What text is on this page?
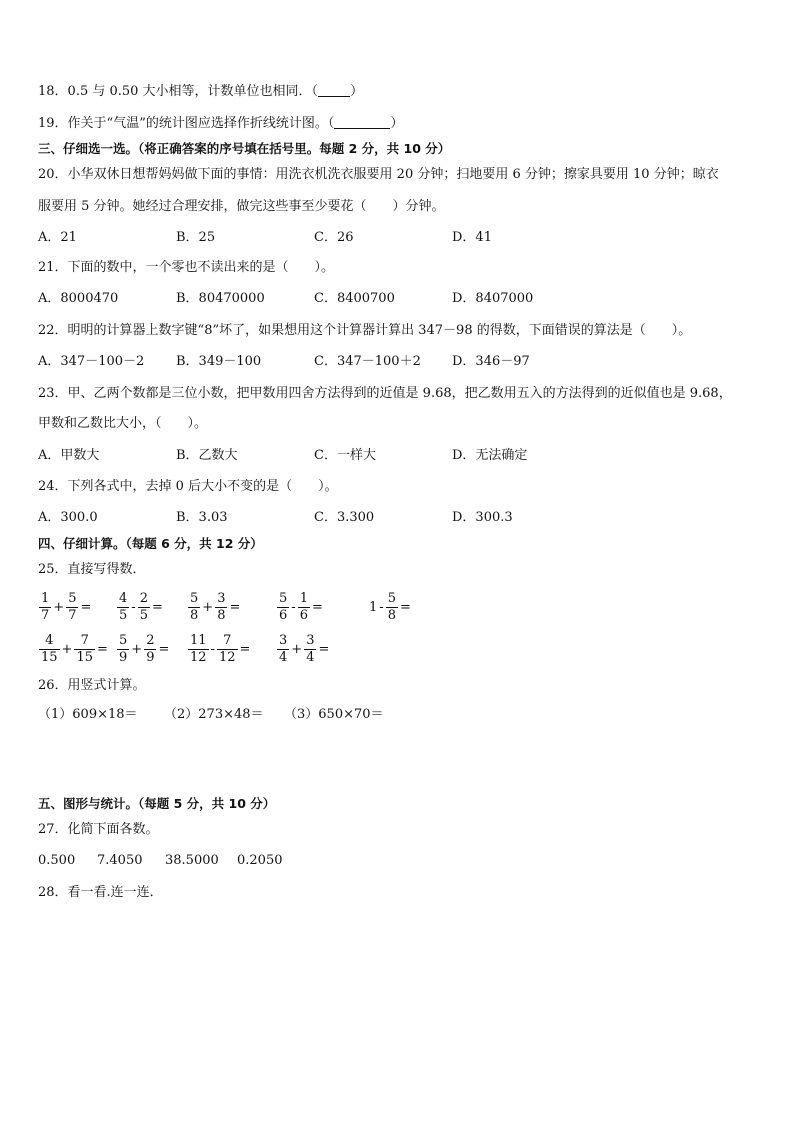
18．0.5 与 0.50 大小相等，计数单位也相同．（ ）
19．作关于“气温”的统计图应选择作折线统计图。（	）
三、仔细选一选。（将正确答案的序号填在括号里。每题 2 分，共 10 分）
20．小华双休日想帮妈妈做下面的事情：用洗衣机洗衣服要用 20 分钟；扫地要用 6 分钟；擦家具要用 10 分钟；晾衣
服要用 5 分钟。她经过合理安排，做完这些事至少要花（　　）分钟。
A．21	B．25	C．26	D．41
21．下面的数中，一个零也不读出来的是（　　）。
A．8000470	B．80470000	C．8400700	D．8407000
22．明明的计算器上数字键“8”坏了，如果想用这个计算器计算出 347－98 的得数，下面错误的算法是（　　）。
A．347－100－2 B．349－100	C．347－100＋2 D．346－97
23．甲、乙两个数都是三位小数，把甲数用四舍方法得到的近值是 9.68，把乙数用五入的方法得到的近似值也是 9.68，
甲数和乙数比大小，（　　）。
A．甲数大	B．乙数大	C．一样大	D．无法确定
24．下列各式中，去掉 0 后大小不变的是（　　）。
A．300.0	B．3.03	C．3.300	D．300.3
四、仔细计算。（每题 6 分，共 12 分）
25．直接写得数．
$\frac{1}{7} + \frac{5}{7} = \frac{4}{5} - \frac{2}{5} = \frac{5}{8} + \frac{3}{8}$ =	$\frac{5}{6} - \frac{1}{6}$ =	$1 - \frac{5}{8}$ =
$\frac{4}{15} + \frac{7}{15} = \frac{5}{9} + \frac{2}{9} = \frac{11}{12} - \frac{7}{12} = \frac{3}{4} + \frac{3}{4}$ =
26．用竖式计算。
（1）609×18＝ （2）273×48＝ （3）650×70＝
五、图形与统计。（每题 5 分，共 10 分）
27．化简下面各数。
0.500 7.4050 38.5000 0.2050
28．看一看.连一连．
